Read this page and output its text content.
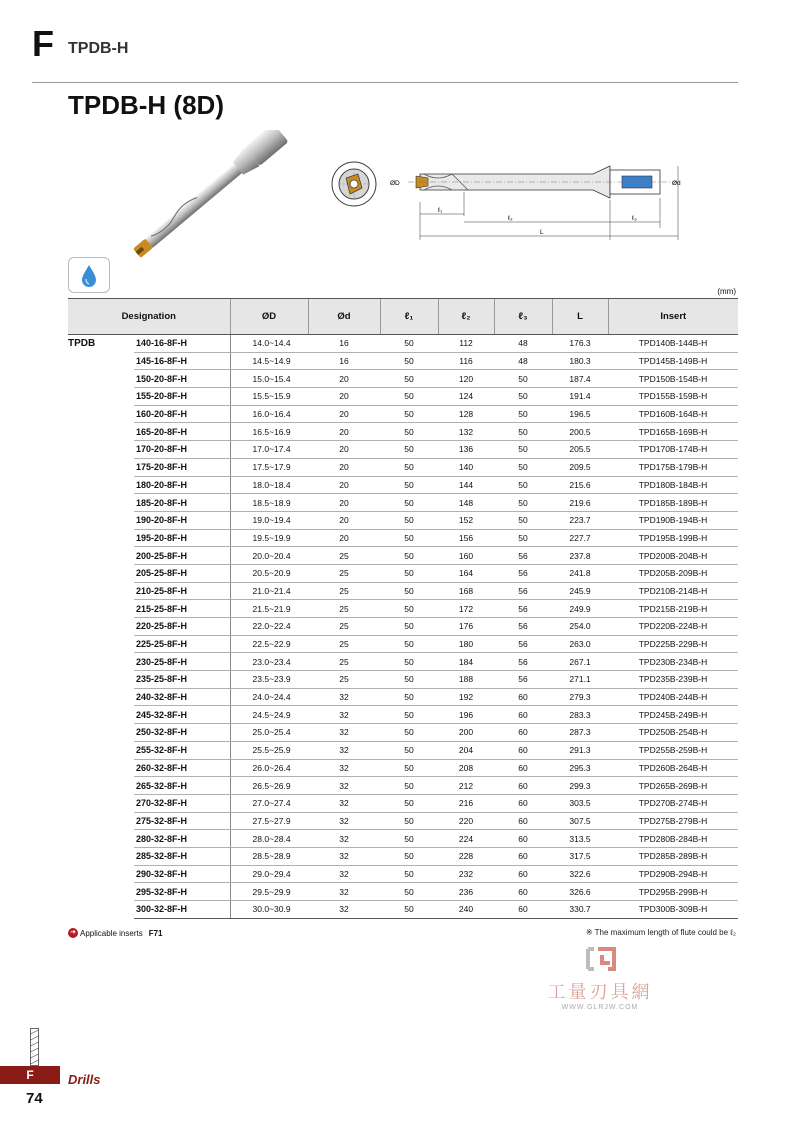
F TPDB-H
TPDB-H (8D)
ØD	Ød
ℓ₁
ℓ₂	ℓ₃
L
(mm)
Designation		ØD	Ød	ℓ₁	ℓ₂	ℓ₃	L	Insert
TPDB	140-16-8F-H	14.0~14.4	16	50	112	48	176.3	TPD140B-144B-H
	145-16-8F-H	14.5~14.9	16	50	116	48	180.3	TPD145B-149B-H
	150-20-8F-H	15.0~15.4	20	50	120	50	187.4	TPD150B-154B-H
	155-20-8F-H	15.5~15.9	20	50	124	50	191.4	TPD155B-159B-H
	160-20-8F-H	16.0~16.4	20	50	128	50	196.5	TPD160B-164B-H
	165-20-8F-H	16.5~16.9	20	50	132	50	200.5	TPD165B-169B-H
	170-20-8F-H	17.0~17.4	20	50	136	50	205.5	TPD170B-174B-H
	175-20-8F-H	17.5~17.9	20	50	140	50	209.5	TPD175B-179B-H
	180-20-8F-H	18.0~18.4	20	50	144	50	215.6	TPD180B-184B-H
	185-20-8F-H	18.5~18.9	20	50	148	50	219.6	TPD185B-189B-H
	190-20-8F-H	19.0~19.4	20	50	152	50	223.7	TPD190B-194B-H
	195-20-8F-H	19.5~19.9	20	50	156	50	227.7	TPD195B-199B-H
	200-25-8F-H	20.0~20.4	25	50	160	56	237.8	TPD200B-204B-H
	205-25-8F-H	20.5~20.9	25	50	164	56	241.8	TPD205B-209B-H
	210-25-8F-H	21.0~21.4	25	50	168	56	245.9	TPD210B-214B-H
	215-25-8F-H	21.5~21.9	25	50	172	56	249.9	TPD215B-219B-H
	220-25-8F-H	22.0~22.4	25	50	176	56	254.0	TPD220B-224B-H
	225-25-8F-H	22.5~22.9	25	50	180	56	263.0	TPD225B-229B-H
	230-25-8F-H	23.0~23.4	25	50	184	56	267.1	TPD230B-234B-H
	235-25-8F-H	23.5~23.9	25	50	188	56	271.1	TPD235B-239B-H
	240-32-8F-H	24.0~24.4	32	50	192	60	279.3	TPD240B-244B-H
	245-32-8F-H	24.5~24.9	32	50	196	60	283.3	TPD245B-249B-H
	250-32-8F-H	25.0~25.4	32	50	200	60	287.3	TPD250B-254B-H
	255-32-8F-H	25.5~25.9	32	50	204	60	291.3	TPD255B-259B-H
	260-32-8F-H	26.0~26.4	32	50	208	60	295.3	TPD260B-264B-H
	265-32-8F-H	26.5~26.9	32	50	212	60	299.3	TPD265B-269B-H
	270-32-8F-H	27.0~27.4	32	50	216	60	303.5	TPD270B-274B-H
	275-32-8F-H	27.5~27.9	32	50	220	60	307.5	TPD275B-279B-H
	280-32-8F-H	28.0~28.4	32	50	224	60	313.5	TPD280B-284B-H
	285-32-8F-H	28.5~28.9	32	50	228	60	317.5	TPD285B-289B-H
	290-32-8F-H	29.0~29.4	32	50	232	60	322.6	TPD290B-294B-H
	295-32-8F-H	29.5~29.9	32	50	236	60	326.6	TPD295B-299B-H
	300-32-8F-H	30.0~30.9	32	50	240	60	330.7	TPD300B-309B-H
➔ Applicable inserts F71	※ The maximum length of flute could be ℓ₂
工量刃具網
WWW.GLRJW.COM
F	Drills
74
